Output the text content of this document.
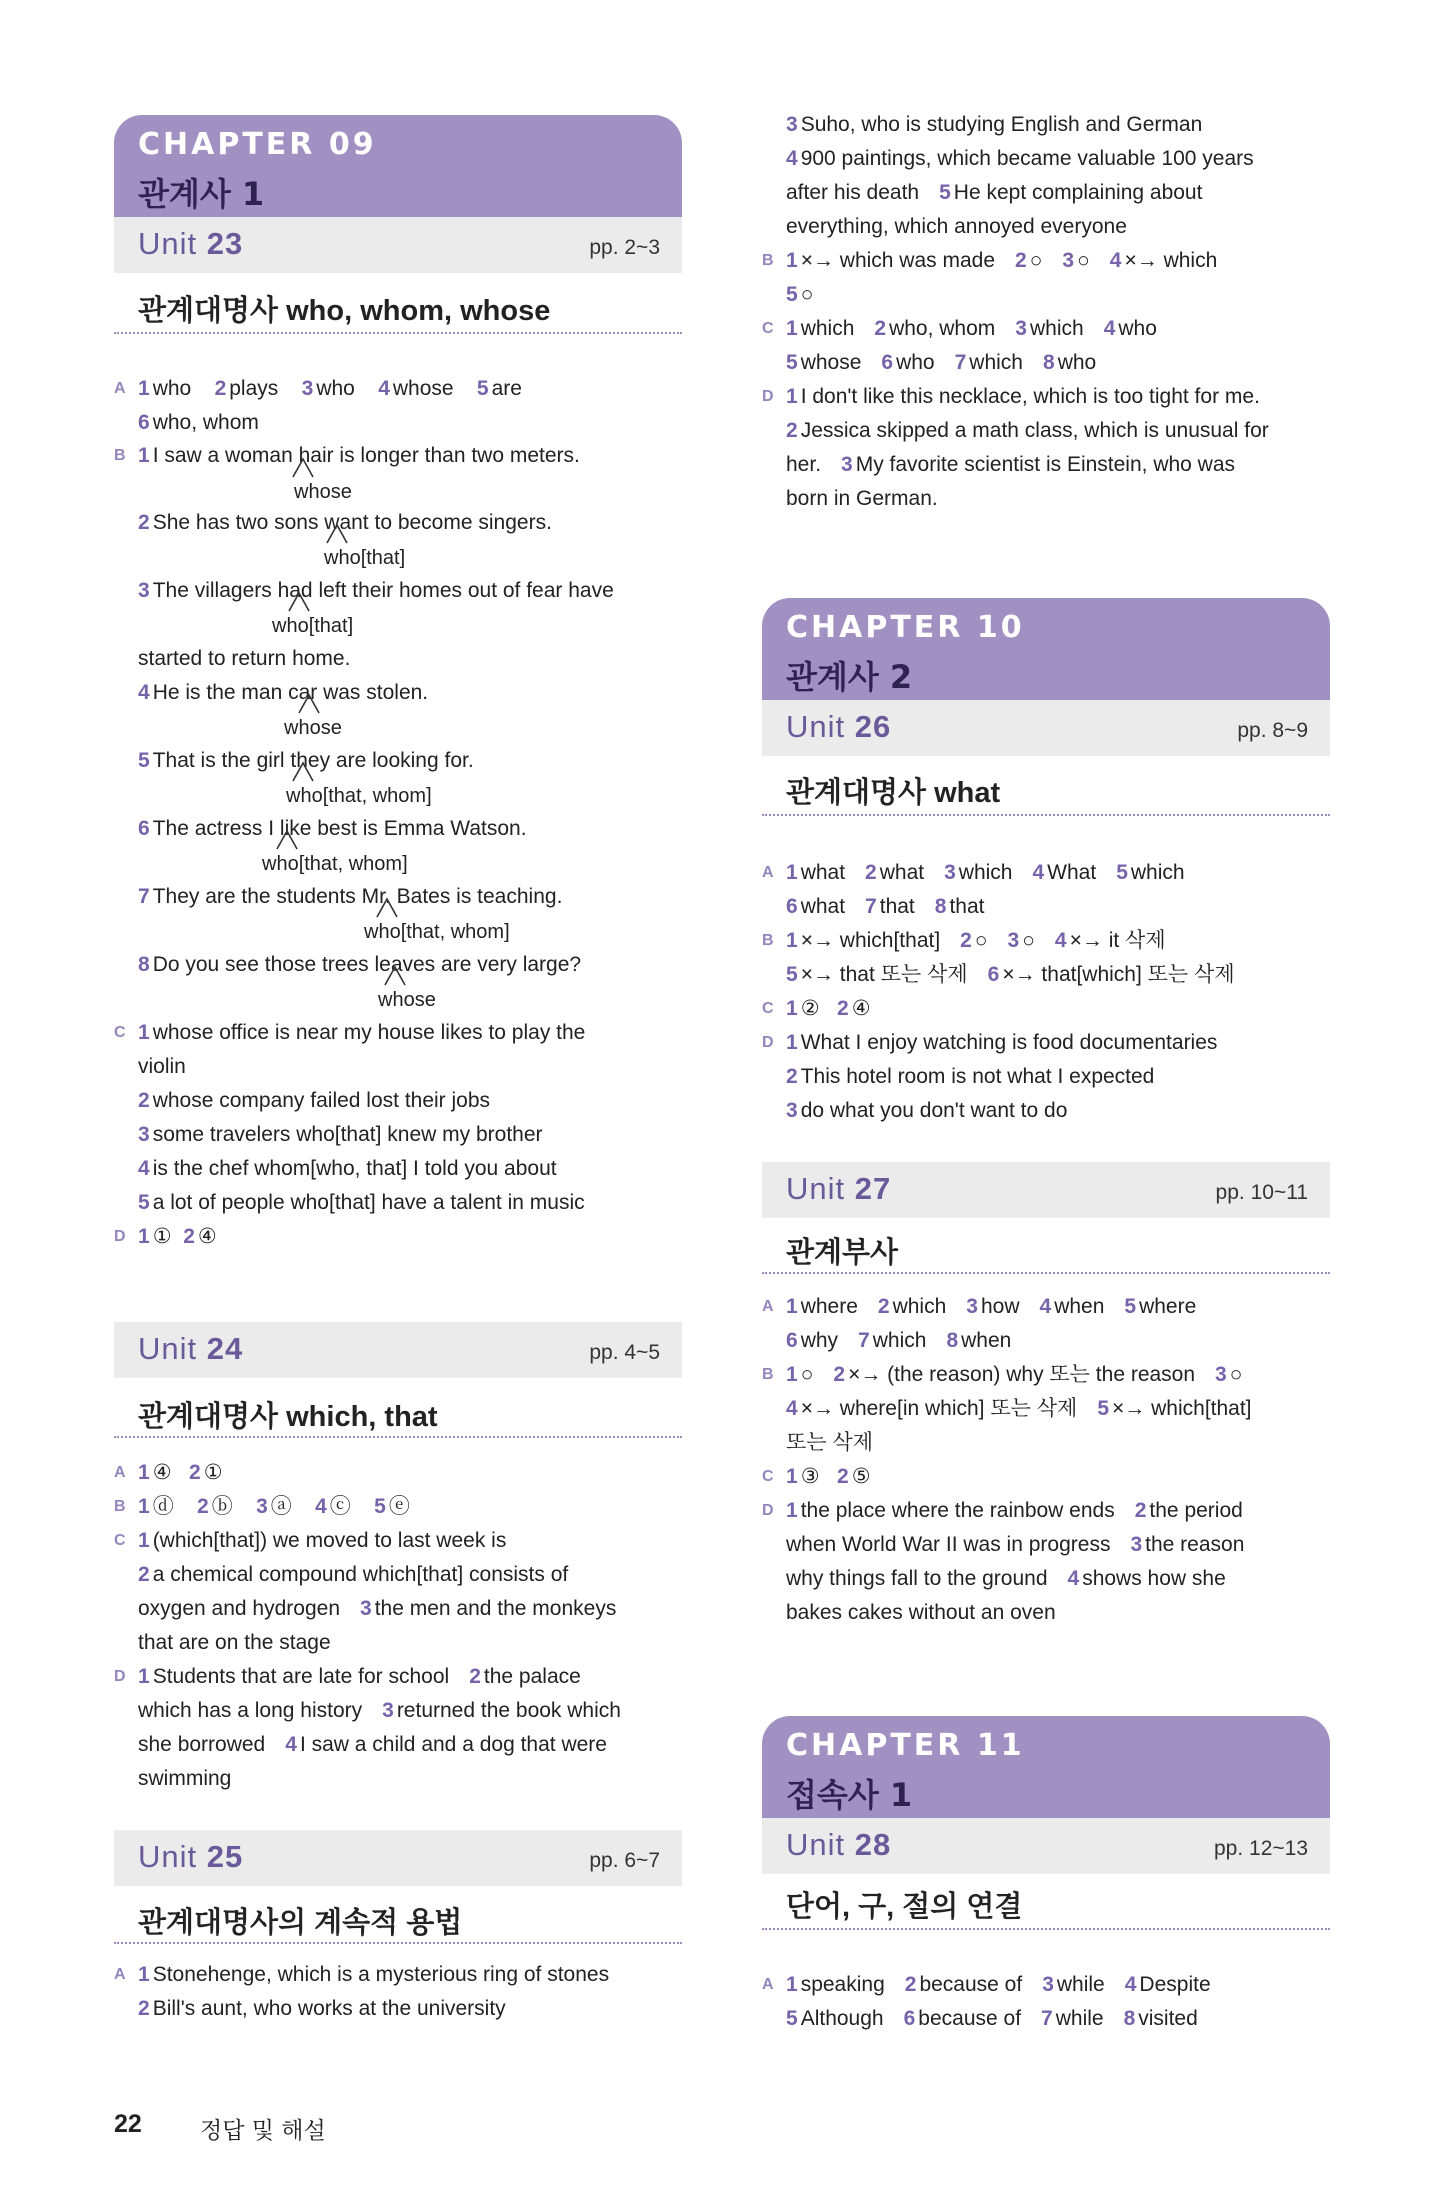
CHAPTER 09
관계사 1
Unit 23	pp. 2~3
관계대명사 who, whom, whose
A 1 who 2 plays 3 who 4 whose 5 are
6 who, whom
B 1 I saw a woman hair is longer than two meters.
whose
2 She has two sons want to become singers.
who[that]
3 The villagers had left their homes out of fear have
who[that]
started to return home.
4 He is the man car was stolen.
whose
5 That is the girl they are looking for.
who[that, whom]
6 The actress I like best is Emma Watson.
who[that, whom]
7 They are the students Mr. Bates is teaching.
who[that, whom]
8 Do you see those trees leaves are very large?
whose
C 1 whose office is near my house likes to play the
violin
2 whose company failed lost their jobs
3 some travelers who[that] knew my brother
4 is the chef whom[who, that] I told you about
5 a lot of people who[that] have a talent in music
D 1 ① 2 ④
Unit 24	pp. 4~5
관계대명사 which, that
A 1 ④ 2 ①
B 1 ⓓ 2 ⓑ 3 ⓐ 4 ⓒ 5 ⓔ
C 1 (which[that]) we moved to last week is
2 a chemical compound which[that] consists of
oxygen and hydrogen 3 the men and the monkeys
that are on the stage
D 1 Students that are late for school 2 the palace
which has a long history 3 returned the book which
she borrowed 4 I saw a child and a dog that were
swimming
Unit 25	pp. 6~7
관계대명사의 계속적 용법
A 1 Stonehenge, which is a mysterious ring of stones
2 Bill's aunt, who works at the university
3 Suho, who is studying English and German
4 900 paintings, which became valuable 100 years
after his death 5 He kept complaining about
everything, which annoyed everyone
B 1 ×→ which was made 2 ○ 3 ○ 4 ×→ which
5 ○
C 1 which 2 who, whom 3 which 4 who
5 whose 6 who 7 which 8 who
D 1 I don't like this necklace, which is too tight for me.
2 Jessica skipped a math class, which is unusual for
her. 3 My favorite scientist is Einstein, who was
born in German.
CHAPTER 10
관계사 2
Unit 26	pp. 8~9
관계대명사 what
A 1 what 2 what 3 which 4 What 5 which
6 what 7 that 8 that
B 1 ×→ which[that] 2 ○ 3 ○ 4 ×→ it 삭제
5 ×→ that 또는 삭제 6 ×→ that[which] 또는 삭제
C 1 ② 2 ④
D 1 What I enjoy watching is food documentaries
2 This hotel room is not what I expected
3 do what you don't want to do
Unit 27	pp. 10~11
관계부사
A 1 where 2 which 3 how 4 when 5 where
6 why 7 which 8 when
B 1 ○ 2 ×→ (the reason) why 또는 the reason 3 ○
4 ×→ where[in which] 또는 삭제 5 ×→ which[that]
또는 삭제
C 1 ③ 2 ⑤
D 1 the place where the rainbow ends 2 the period
when World War II was in progress 3 the reason
why things fall to the ground 4 shows how she
bakes cakes without an oven
CHAPTER 11
접속사 1
Unit 28	pp. 12~13
단어, 구, 절의 연결
A 1 speaking 2 because of 3 while 4 Despite
5 Although 6 because of 7 while 8 visited
22	정답 및 해설
